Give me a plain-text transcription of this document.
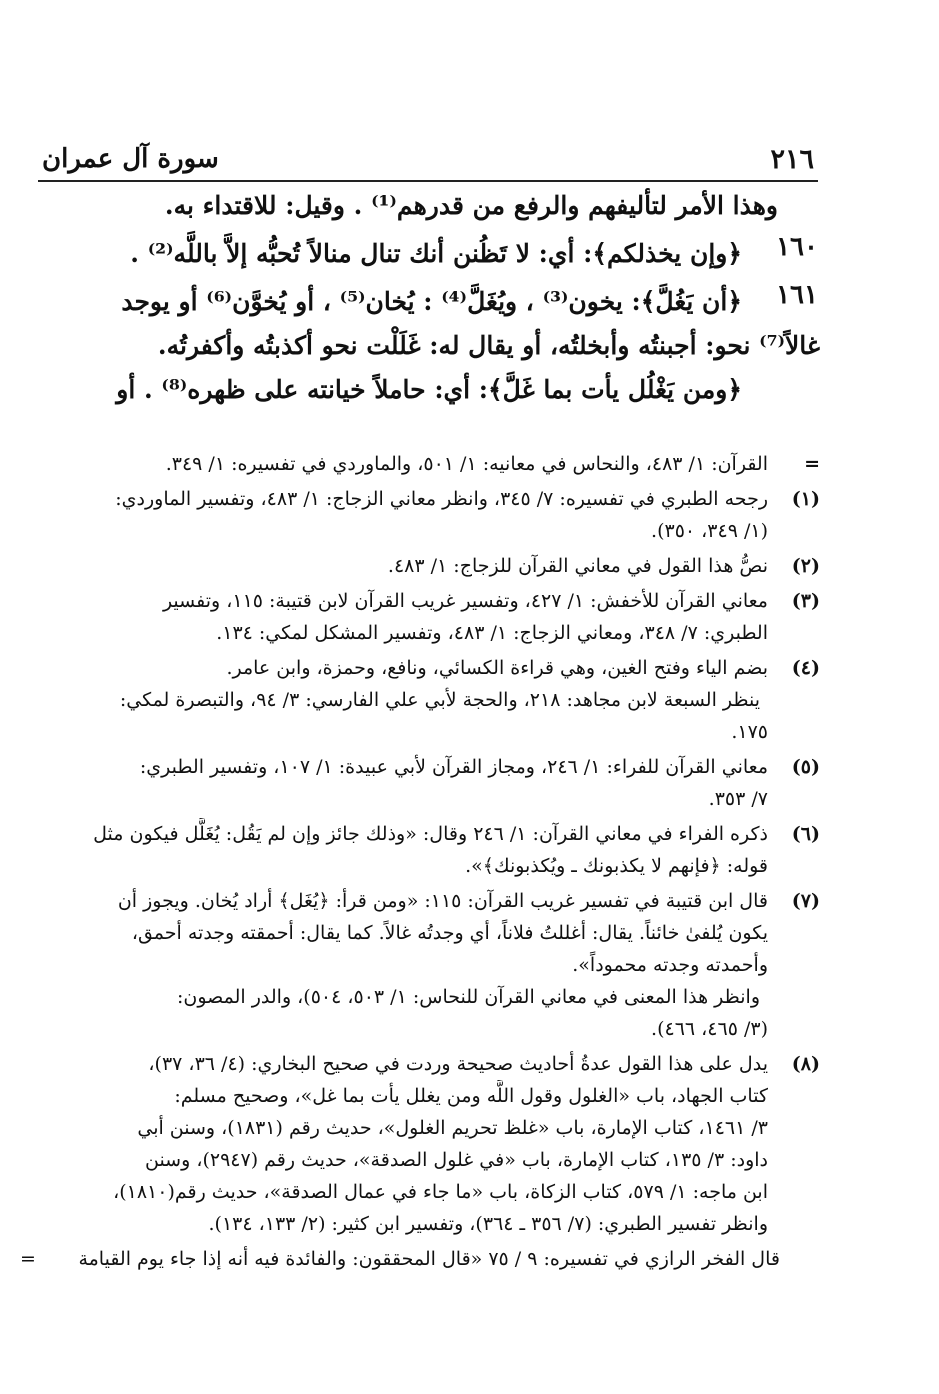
٢١٦
سورة آل عمران
وهذا الأمر لتأليفهم والرفع من قدرهم⁽¹⁾ . وقيل: للاقتداء به.
١٦٠
﴿وإن يخذلكم﴾: أي: لا تَظُنن أنك تنال منالاً تُحبُّه إلاَّ باللَّه⁽²⁾ .
١٦١
﴿أن يَغُلَّ﴾: يخون⁽³⁾ ، ويُغَلَّ⁽⁴⁾ : يُخان⁽⁵⁾ ، أو يُخوَّن⁽⁶⁾ أو يوجد
غالاً⁽⁷⁾ نحو: أجبنتُه وأبخلتُه، أو يقال له: غَلَلْت نحو أكذبتُه وأكفرتُه.
﴿ومن يَغْلُل يأت بما غَلَّ﴾: أي: حاملاً خيانته على ظهره⁽⁸⁾ . أو
=
القرآن: ١/ ٤٨٣، والنحاس في معانيه: ١/ ٥٠١، والماوردي في تفسيره: ١/ ٣٤٩.
(١)
رجحه الطبري في تفسيره: ٧/ ٣٤٥، وانظر معاني الزجاج: ١/ ٤٨٣، وتفسير الماوردي:
(١/ ٣٤٩، ٣٥٠).
(٢)
نصُّ هذا القول في معاني القرآن للزجاج: ١/ ٤٨٣.
(٣)
معاني القرآن للأخفش: ١/ ٤٢٧، وتفسير غريب القرآن لابن قتيبة: ١١٥، وتفسير
الطبري: ٧/ ٣٤٨، ومعاني الزجاج: ١/ ٤٨٣، وتفسير المشكل لمكي: ١٣٤.
(٤)
بضم الياء وفتح الغين، وهي قراءة الكسائي، ونافع، وحمزة، وابن عامر.
ينظر السبعة لابن مجاهد: ٢١٨، والحجة لأبي علي الفارسي: ٣/ ٩٤، والتبصرة لمكي:
١٧٥.
(٥)
معاني القرآن للفراء: ١/ ٢٤٦، ومجاز القرآن لأبي عبيدة: ١/ ١٠٧، وتفسير الطبري:
٧/ ٣٥٣.
(٦)
ذكره الفراء في معاني القرآن: ١/ ٢٤٦ وقال: «وذلك جائز وإن لم يَقُل: يُغَلَّل فيكون مثل
قوله: ﴿فإنهم لا يكذبونك ـ ويُكذبونك﴾».
(٧)
قال ابن قتيبة في تفسير غريب القرآن: ١١٥: «ومن قرأ: ﴿يُغَل﴾ أراد يُخان. ويجوز أن
يكون يُلفىٰ خائناً. يقال: أغللتُ فلاناً، أي وجدتُه غالاً. كما يقال: أحمقته وجدته أحمق،
وأحمدته وجدته محموداً».
وانظر هذا المعنى في معاني القرآن للنحاس: ١/ ٥٠٣، ٥٠٤)، والدر المصون:
(٣/ ٤٦٥، ٤٦٦).
(٨)
يدل على هذا القول عدةُ أحاديث صحيحة وردت في صحيح البخاري: (٤/ ٣٦، ٣٧)،
كتاب الجهاد، باب «الغلول وقول اللَّه ومن يغلل يأت بما غل»، وصحيح مسلم:
٣/ ١٤٦١، كتاب الإمارة، باب «غلظ تحريم الغلول»، حديث رقم (١٨٣١)، وسنن أبي
داود: ٣/ ١٣٥، كتاب الإمارة، باب «في غلول الصدقة»، حديث رقم (٢٩٤٧)، وسنن
ابن ماجه: ١/ ٥٧٩، كتاب الزكاة، باب «ما جاء في عمال الصدقة»، حديث رقم(١٨١٠)،
وانظر تفسير الطبري: (٧/ ٣٥٦ ـ ٣٦٤)، وتفسير ابن كثير: (٢/ ١٣٣، ١٣٤).
قال الفخر الرازي في تفسيره: ٩ / ٧٥ «قال المحققون: والفائدة فيه أنه إذا جاء يوم القيامة
=
